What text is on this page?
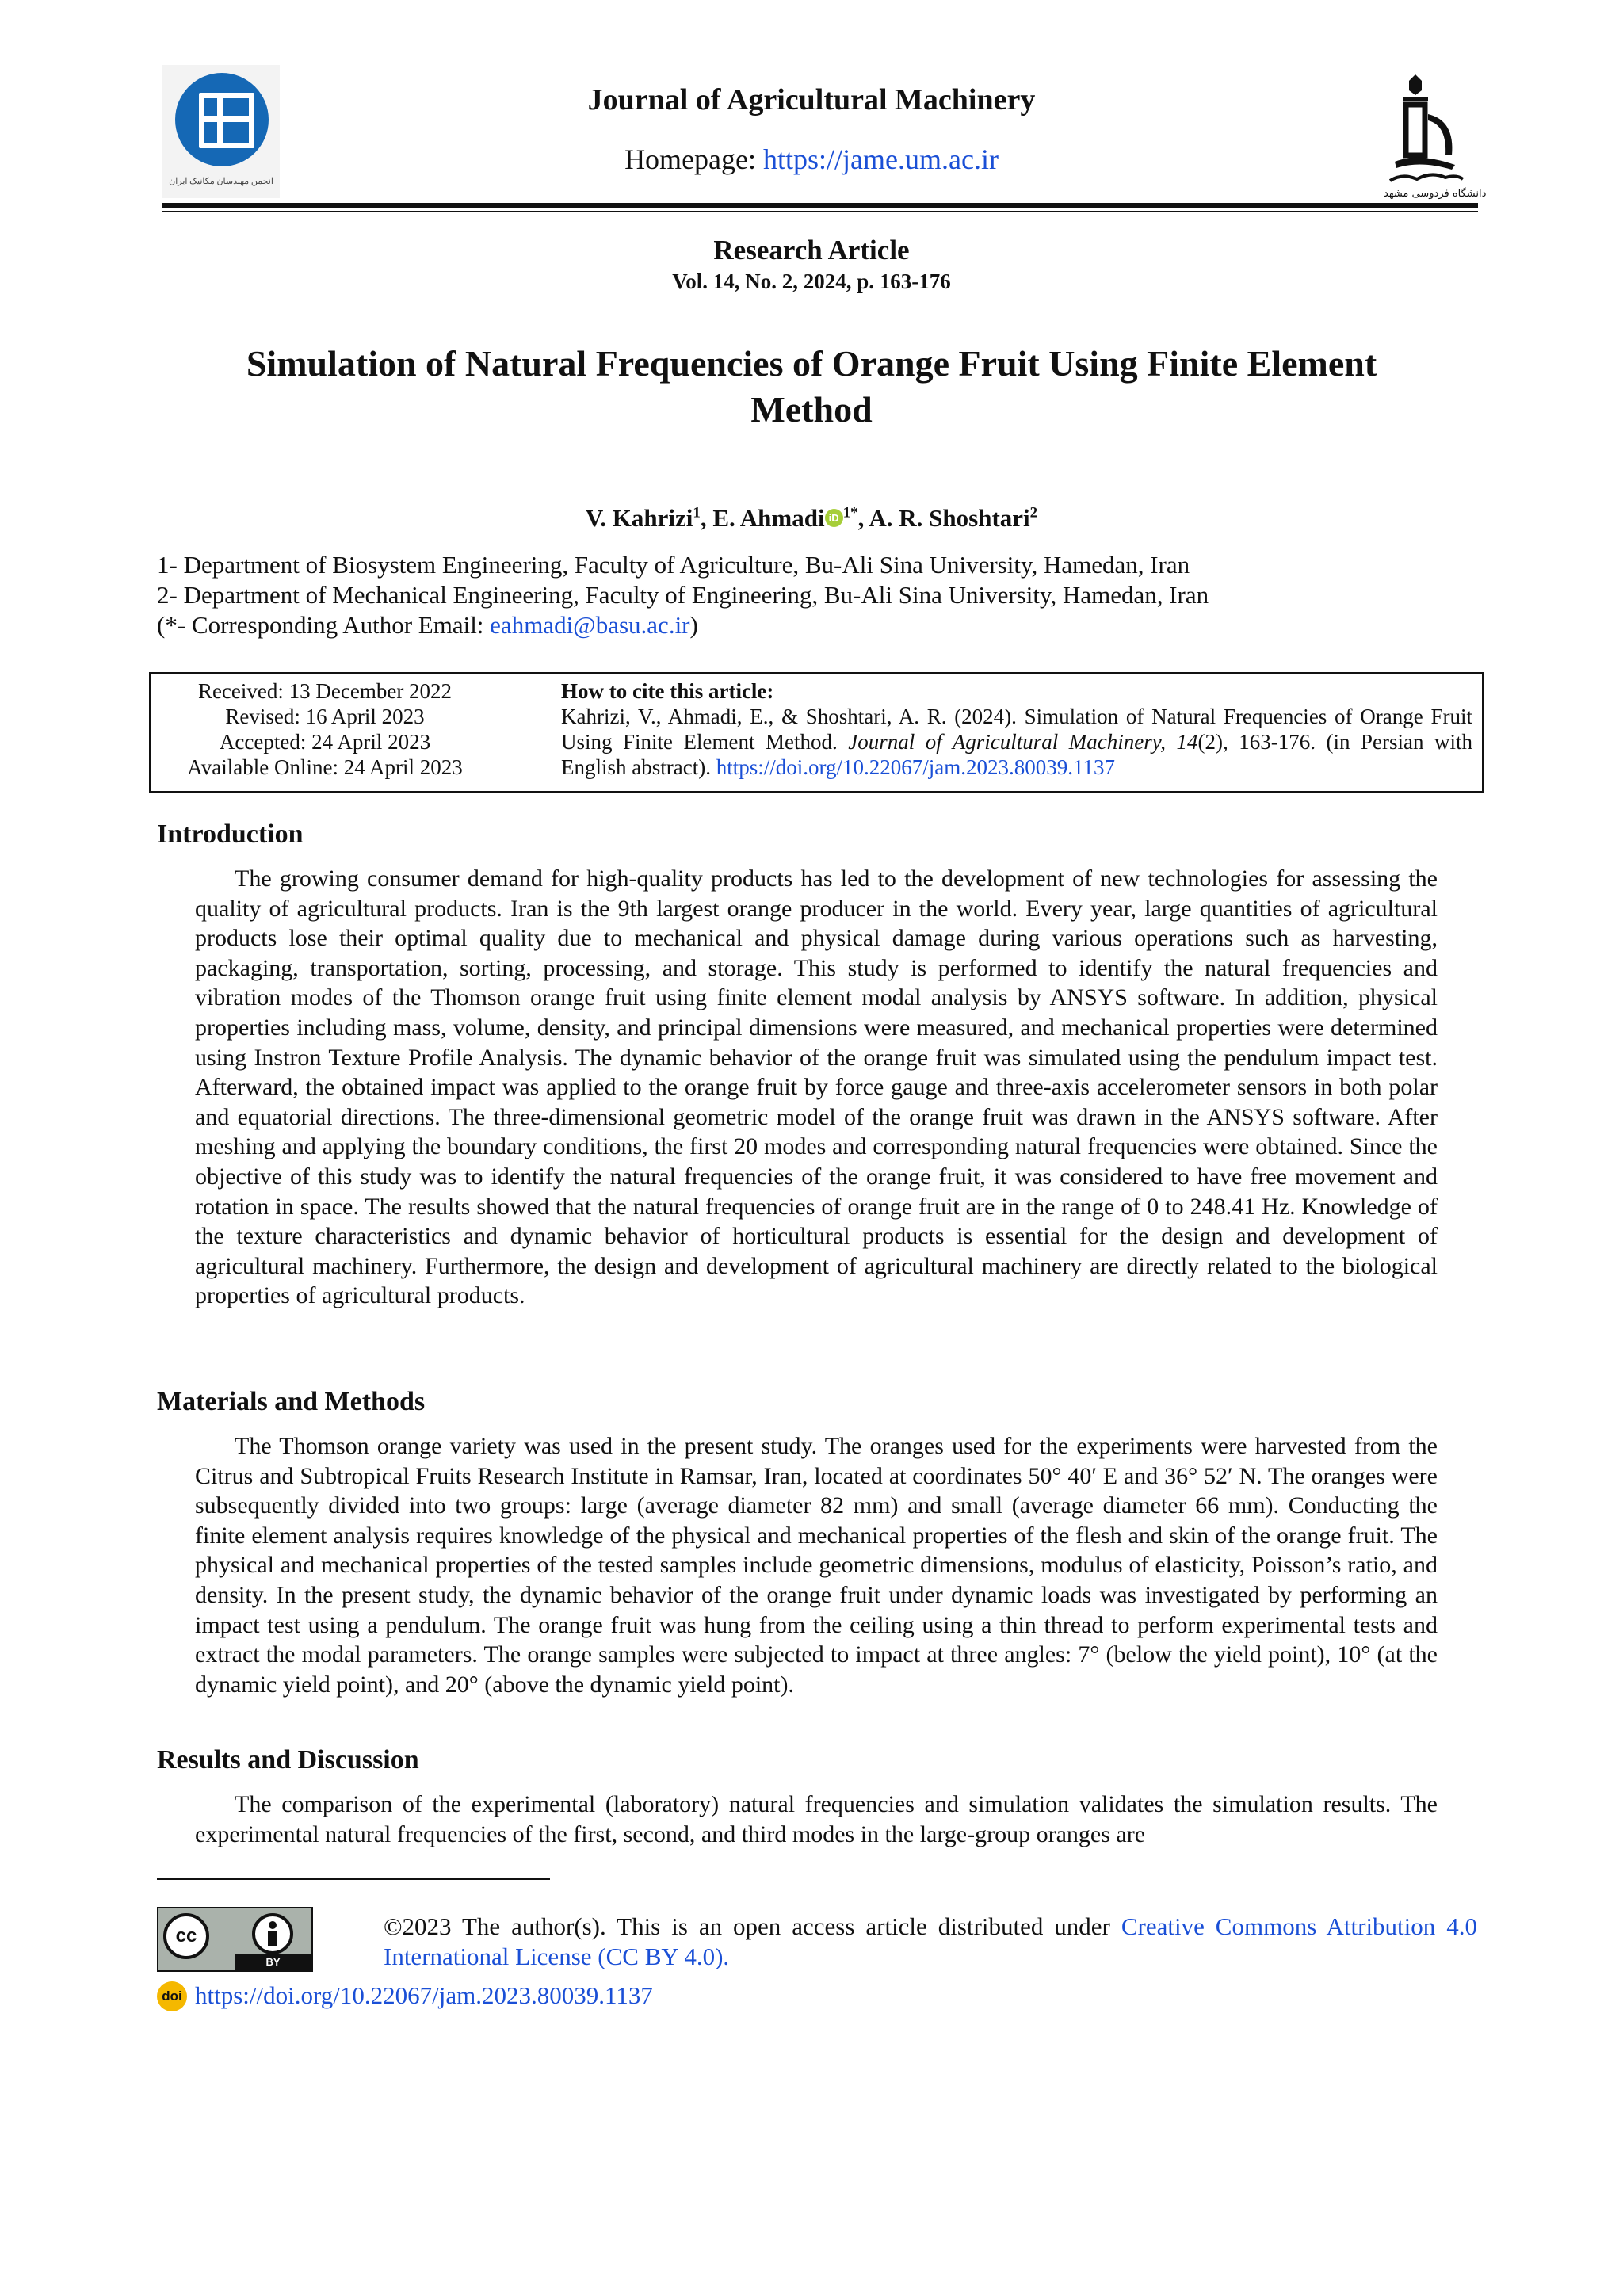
انجمن مهندسان مکانیک ایران
Journal of Agricultural Machinery
Homepage: https://jame.um.ac.ir
دانشگاه فردوسی مشهد
Research Article
Vol. 14, No. 2, 2024, p. 163-176
Simulation of Natural Frequencies of Orange Fruit Using Finite Element Method
V. Kahrizi$^1$, E. Ahmadi iD $^{1*}$, A. R. Shoshtari$^2$
1- Department of Biosystem Engineering, Faculty of Agriculture, Bu-Ali Sina University, Hamedan, Iran
2- Department of Mechanical Engineering, Faculty of Engineering, Bu-Ali Sina University, Hamedan, Iran
(*- Corresponding Author Email: eahmadi@basu.ac.ir)
Received: 13 December 2022
Revised: 16 April 2023
Accepted: 24 April 2023
Available Online: 24 April 2023
How to cite this article:
Kahrizi, V., Ahmadi, E., & Shoshtari, A. R. (2024). Simulation of Natural Frequencies of Orange Fruit Using Finite Element Method. Journal of Agricultural Machinery, 14(2), 163-176. (in Persian with English abstract). https://doi.org/10.22067/jam.2023.80039.1137
Introduction
The growing consumer demand for high-quality products has led to the development of new technologies for assessing the quality of agricultural products. Iran is the 9th largest orange producer in the world. Every year, large quantities of agricultural products lose their optimal quality due to mechanical and physical damage during various operations such as harvesting, packaging, transportation, sorting, processing, and storage. This study is performed to identify the natural frequencies and vibration modes of the Thomson orange fruit using finite element modal analysis by ANSYS software. In addition, physical properties including mass, volume, density, and principal dimensions were measured, and mechanical properties were determined using Instron Texture Profile Analysis. The dynamic behavior of the orange fruit was simulated using the pendulum impact test. Afterward, the obtained impact was applied to the orange fruit by force gauge and three-axis accelerometer sensors in both polar and equatorial directions. The three-dimensional geometric model of the orange fruit was drawn in the ANSYS software. After meshing and applying the boundary conditions, the first 20 modes and corresponding natural frequencies were obtained. Since the objective of this study was to identify the natural frequencies of the orange fruit, it was considered to have free movement and rotation in space. The results showed that the natural frequencies of orange fruit are in the range of 0 to 248.41 Hz. Knowledge of the texture characteristics and dynamic behavior of horticultural products is essential for the design and development of agricultural machinery. Furthermore, the design and development of agricultural machinery are directly related to the biological properties of agricultural products.
Materials and Methods
The Thomson orange variety was used in the present study. The oranges used for the experiments were harvested from the Citrus and Subtropical Fruits Research Institute in Ramsar, Iran, located at coordinates 50° 40′ E and 36° 52′ N. The oranges were subsequently divided into two groups: large (average diameter 82 mm) and small (average diameter 66 mm). Conducting the finite element analysis requires knowledge of the physical and mechanical properties of the flesh and skin of the orange fruit. The physical and mechanical properties of the tested samples include geometric dimensions, modulus of elasticity, Poisson’s ratio, and density. In the present study, the dynamic behavior of the orange fruit under dynamic loads was investigated by performing an impact test using a pendulum. The orange fruit was hung from the ceiling using a thin thread to perform experimental tests and extract the modal parameters. The orange samples were subjected to impact at three angles: 7° (below the yield point), 10° (at the dynamic yield point), and 20° (above the dynamic yield point).
Results and Discussion
The comparison of the experimental (laboratory) natural frequencies and simulation validates the simulation results. The experimental natural frequencies of the first, second, and third modes in the large-group oranges are
cc
BY
©2023 The author(s). This is an open access article distributed under Creative Commons Attribution 4.0 International License (CC BY 4.0).
doi https://doi.org/10.22067/jam.2023.80039.1137
